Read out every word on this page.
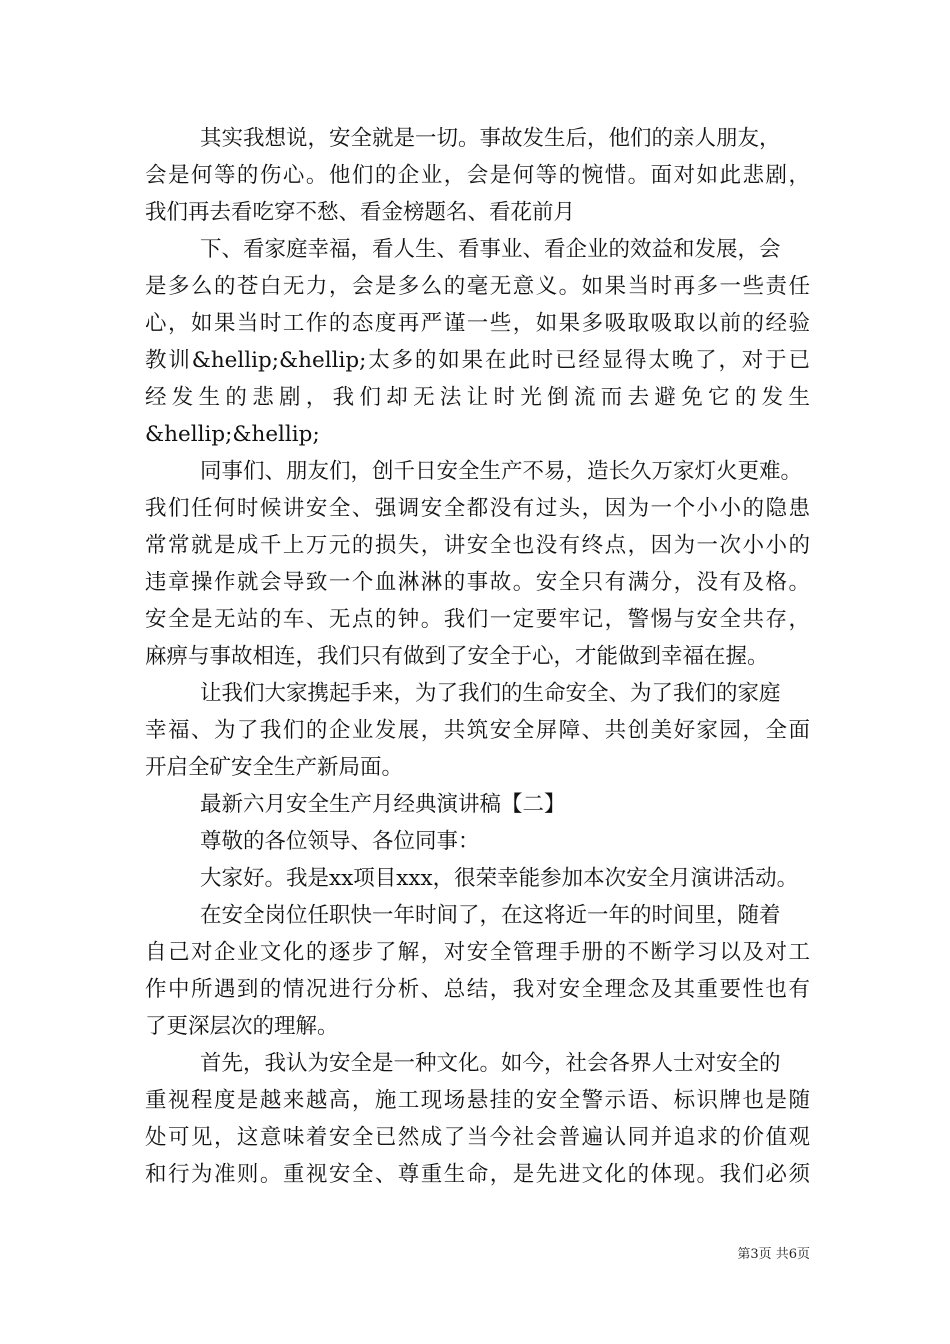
其实我想说，安全就是一切。事故发生后，他们的亲人朋友，
会是何等的伤心。他们的企业，会是何等的惋惜。面对如此悲剧，
我们再去看吃穿不愁、看金榜题名、看花前月
下、看家庭幸福，看人生、看事业、看企业的效益和发展，会
是多么的苍白无力，会是多么的毫无意义。如果当时再多一些责任
心，如果当时工作的态度再严谨一些，如果多吸取吸取以前的经验
教训&hellip;&hellip;太多的如果在此时已经显得太晚了，对于已
经发生的悲剧，我们却无法让时光倒流而去避免它的发生
&hellip;&hellip;
同事们、朋友们，创千日安全生产不易，造长久万家灯火更难。
我们任何时候讲安全、强调安全都没有过头，因为一个小小的隐患
常常就是成千上万元的损失，讲安全也没有终点，因为一次小小的
违章操作就会导致一个血淋淋的事故。安全只有满分，没有及格。
安全是无站的车、无点的钟。我们一定要牢记，警惕与安全共存，
麻痹与事故相连，我们只有做到了安全于心，才能做到幸福在握。
让我们大家携起手来，为了我们的生命安全、为了我们的家庭
幸福、为了我们的企业发展，共筑安全屏障、共创美好家园，全面
开启全矿安全生产新局面。
最新六月安全生产月经典演讲稿【二】
尊敬的各位领导、各位同事：
大家好。我是xx项目xxx，很荣幸能参加本次安全月演讲活动。
在安全岗位任职快一年时间了，在这将近一年的时间里，随着
自己对企业文化的逐步了解，对安全管理手册的不断学习以及对工
作中所遇到的情况进行分析、总结，我对安全理念及其重要性也有
了更深层次的理解。
首先，我认为安全是一种文化。如今，社会各界人士对安全的
重视程度是越来越高，施工现场悬挂的安全警示语、标识牌也是随
处可见，这意味着安全已然成了当今社会普遍认同并追求的价值观
和行为准则。重视安全、尊重生命，是先进文化的体现。我们必须
第3页 共6页
